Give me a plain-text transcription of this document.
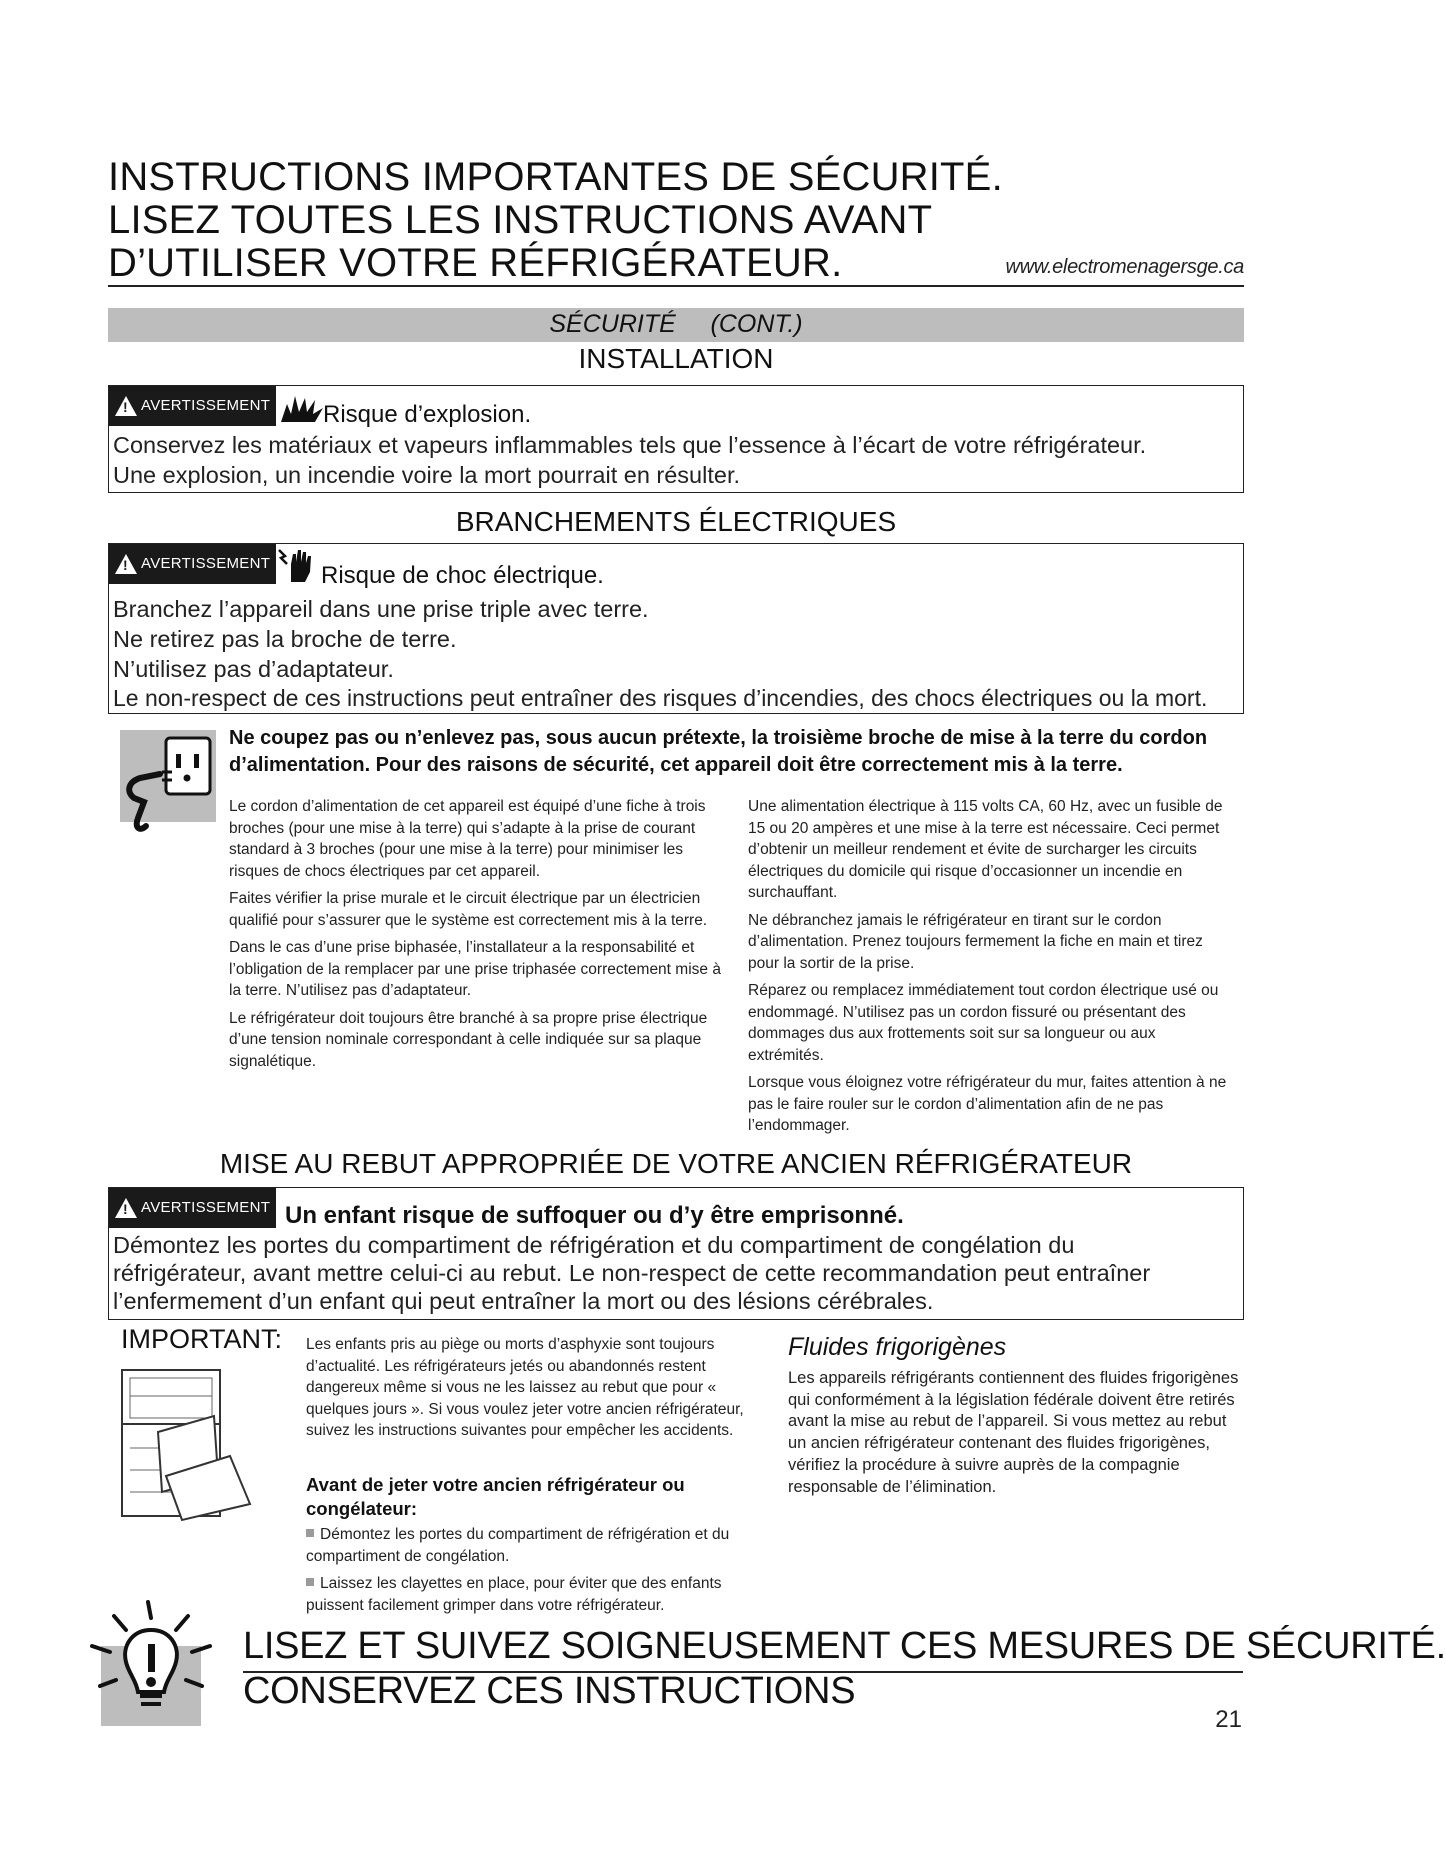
INSTRUCTIONS IMPORTANTES DE SÉCURITÉ.
LISEZ TOUTES LES INSTRUCTIONS AVANT
D’UTILISER VOTRE RÉFRIGÉRATEUR.	www.electromenagersge.ca
SÉCURITÉ     (CONT.)
INSTALLATION
!
AVERTISSEMENT Risque d’explosion.
Conservez les matériaux et vapeurs inflammables tels que l’essence à l’écart de votre réfrigérateur.
Une explosion, un incendie voire la mort pourrait en résulter.
BRANCHEMENTS ÉLECTRIQUES
!
AVERTISSEMENT Risque de choc électrique.
Branchez l’appareil dans une prise triple avec terre.
Ne retirez pas la broche de terre.
N’utilisez pas d’adaptateur.
Le non-respect de ces instructions peut entraîner des risques d’incendies, des chocs électriques ou la mort.
Ne coupez pas ou n’enlevez pas, sous aucun prétexte, la troisième broche de mise à la terre du cordon
d’alimentation. Pour des raisons de sécurité, cet appareil doit être correctement mis à la terre.

Le cordon d’alimentation de cet appareil est équipé d’une fiche à trois broches (pour une mise à la terre) qui s’adapte à la prise de courant standard à 3 broches (pour une mise à la terre) pour minimiser les risques de chocs électriques par cet appareil.

Faites vérifier la prise murale et le circuit électrique par un électricien qualifié pour s’assurer que le système est correctement mis à la terre.

Dans le cas d’une prise biphasée, l’installateur a la responsabilité et l’obligation de la remplacer par une prise triphasée correctement mise à la terre. N’utilisez pas d’adaptateur.

Le réfrigérateur doit toujours être branché à sa propre prise électrique d’une tension nominale correspondant à celle indiquée sur sa plaque signalétique.

Une alimentation électrique à 115 volts CA, 60 Hz, avec un fusible de 15 ou 20 ampères et une mise à la terre est nécessaire. Ceci permet d’obtenir un meilleur rendement et évite de surcharger les circuits électriques du domicile qui risque d’occasionner un incendie en surchauffant.

Ne débranchez jamais le réfrigérateur en tirant sur le cordon d’alimentation. Prenez toujours fermement la fiche en main et tirez pour la sortir de la prise.

Réparez ou remplacez immédiatement tout cordon électrique usé ou endommagé. N’utilisez pas un cordon fissuré ou présentant des dommages dus aux frottements soit sur sa longueur ou aux extrémités.

Lorsque vous éloignez votre réfrigérateur du mur, faites attention à ne pas le faire rouler sur le cordon d’alimentation afin de ne pas l’endommager.

MISE AU REBUT APPROPRIÉE DE VOTRE ANCIEN RÉFRIGÉRATEUR
!
AVERTISSEMENT Un enfant risque de suffoquer ou d’y être emprisonné.
Démontez les portes du compartiment de réfrigération et du compartiment de congélation du
réfrigérateur, avant mettre celui-ci au rebut. Le non-respect de cette recommandation peut entraîner
l’enfermement d’un enfant qui peut entraîner la mort ou des lésions cérébrales.
IMPORTANT: Les enfants pris au piège ou morts d’asphyxie sont toujours d’actualité. Les réfrigérateurs jetés ou abandonnés restent dangereux même si vous ne les laissez au rebut que pour « quelques jours ». Si vous voulez jeter votre ancien réfrigérateur, suivez les instructions suivantes pour empêcher les accidents.
Avant de jeter votre ancien réfrigérateur ou congélateur:
Démontez les portes du compartiment de réfrigération et du compartiment de congélation.
Laissez les clayettes en place, pour éviter que des enfants puissent facilement grimper dans votre réfrigérateur.
Fluides frigorigènes
Les appareils réfrigérants contiennent des fluides frigorigènes qui conformément à la législation fédérale doivent être retirés avant la mise au rebut de l’appareil. Si vous mettez au rebut un ancien réfrigérateur contenant des fluides frigorigènes, vérifiez la procédure à suivre auprès de la compagnie responsable de l’élimination.
LISEZ ET SUIVEZ SOIGNEUSEMENT CES MESURES DE SÉCURITÉ.
CONSERVEZ CES INSTRUCTIONS
21
